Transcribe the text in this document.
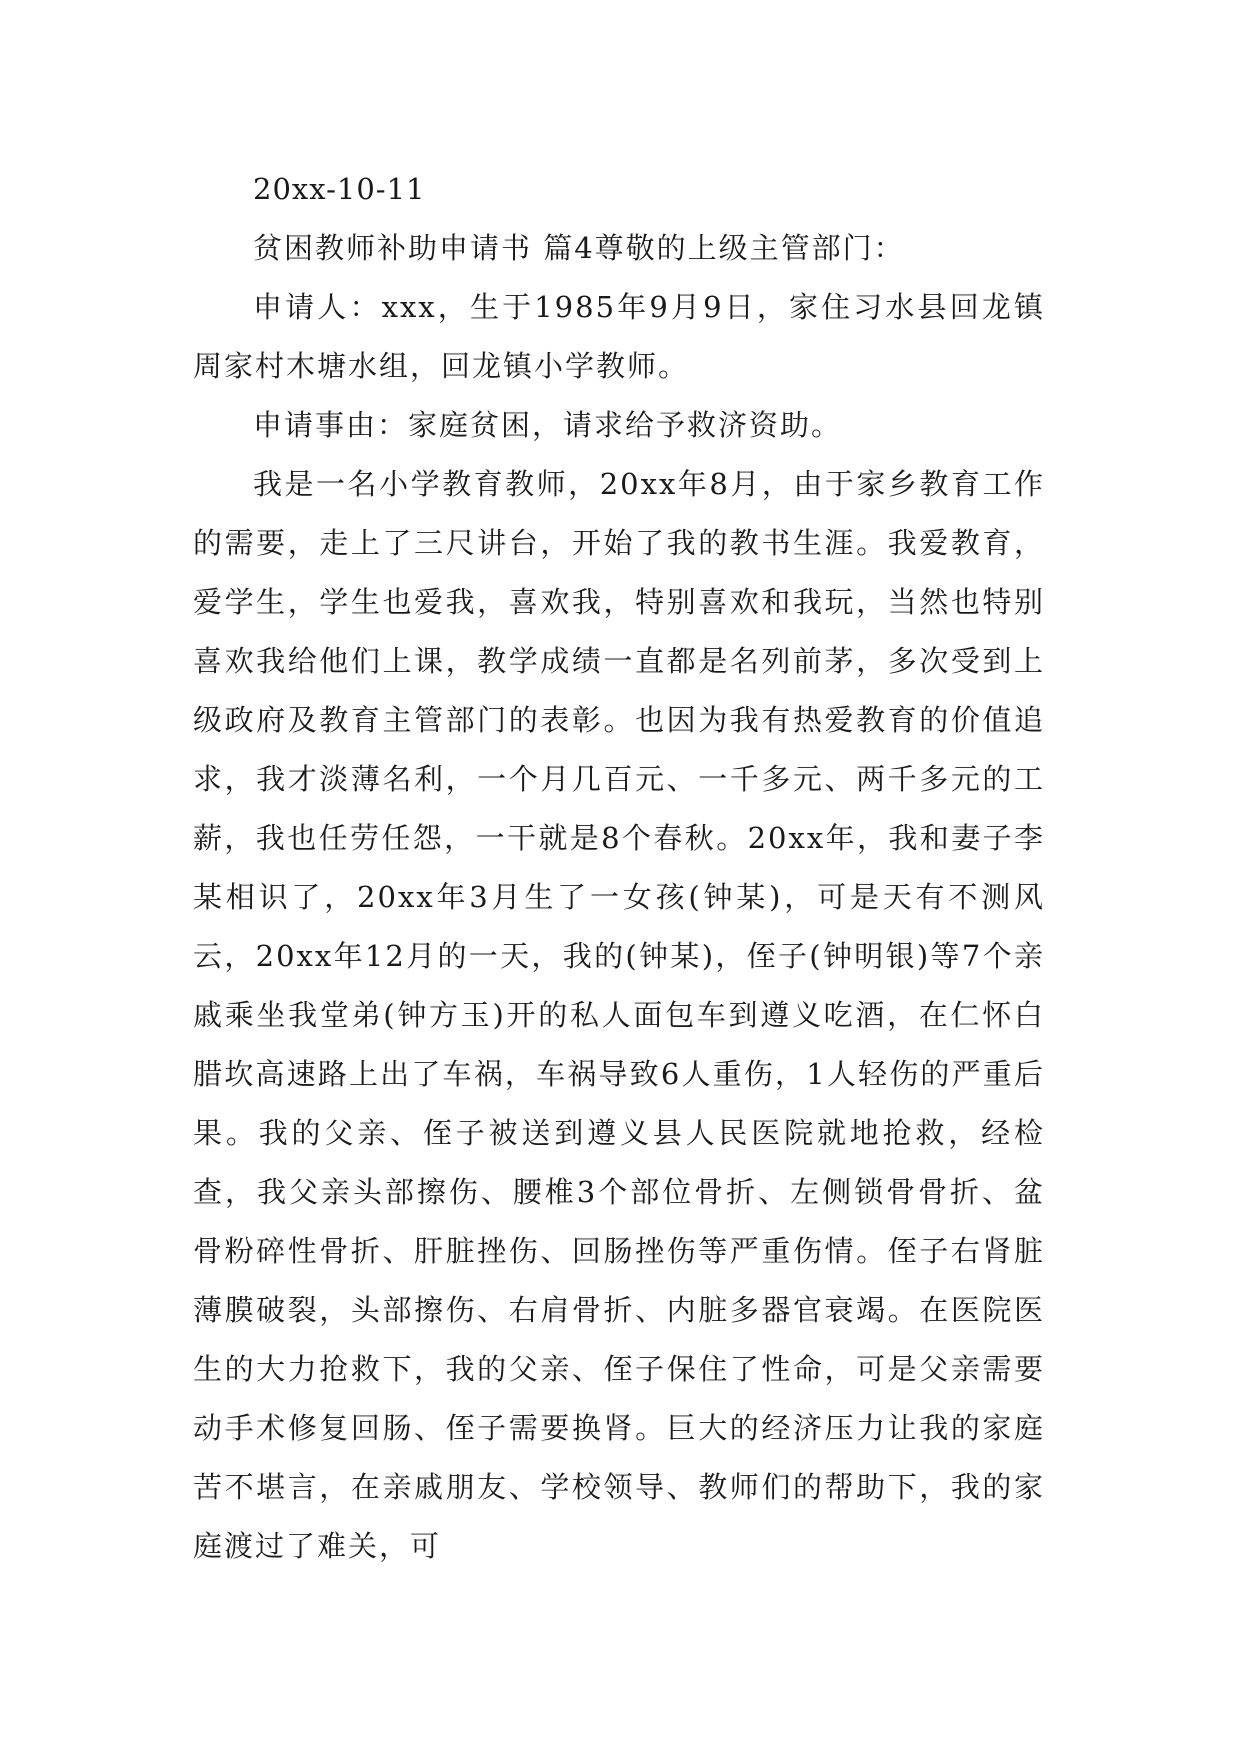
20xx-10-11

贫困教师补助申请书 篇4尊敬的上级主管部门：

申请人：xxx，生于1985年9月9日，家住习水县回龙镇周家村木塘水组，回龙镇小学教师。

申请事由：家庭贫困，请求给予救济资助。

我是一名小学教育教师，20xx年8月，由于家乡教育工作的需要，走上了三尺讲台，开始了我的教书生涯。我爱教育，爱学生，学生也爱我，喜欢我，特别喜欢和我玩，当然也特别喜欢我给他们上课，教学成绩一直都是名列前茅，多次受到上级政府及教育主管部门的表彰。也因为我有热爱教育的价值追求，我才淡薄名利，一个月几百元、一千多元、两千多元的工薪，我也任劳任怨，一干就是8个春秋。20xx年，我和妻子李某相识了，20xx年3月生了一女孩(钟某)，可是天有不测风云，20xx年12月的一天，我的(钟某)，侄子(钟明银)等7个亲戚乘坐我堂弟(钟方玉)开的私人面包车到遵义吃酒，在仁怀白腊坎高速路上出了车祸，车祸导致6人重伤，1人轻伤的严重后果。我的父亲、侄子被送到遵义县人民医院就地抢救，经检查，我父亲头部擦伤、腰椎3个部位骨折、左侧锁骨骨折、盆骨粉碎性骨折、肝脏挫伤、回肠挫伤等严重伤情。侄子右肾脏薄膜破裂，头部擦伤、右肩骨折、内脏多器官衰竭。在医院医生的大力抢救下，我的父亲、侄子保住了性命，可是父亲需要动手术修复回肠、侄子需要换肾。巨大的经济压力让我的家庭苦不堪言，在亲戚朋友、学校领导、教师们的帮助下，我的家庭渡过了难关，可
